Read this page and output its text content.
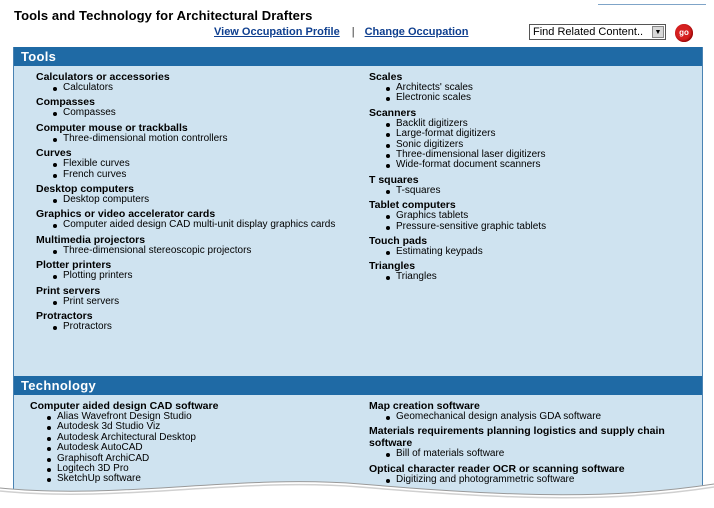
Tools and Technology for Architectural Drafters
View Occupation Profile | Change Occupation	Find Related Content..	▼	go
Tools
Calculators or accessories
Calculators
Compasses
Compasses
Computer mouse or trackballs
Three-dimensional motion controllers
Curves
Flexible curves
French curves
Desktop computers
Desktop computers
Graphics or video accelerator cards
Computer aided design CAD multi-unit display graphics cards
Multimedia projectors
Three-dimensional stereoscopic projectors
Plotter printers
Plotting printers
Print servers
Print servers
Protractors
Protractors
Scales
Architects' scales
Electronic scales
Scanners
Backlit digitizers
Large-format digitizers
Sonic digitizers
Three-dimensional laser digitizers
Wide-format document scanners
T squares
T-squares
Tablet computers
Graphics tablets
Pressure-sensitive graphic tablets
Touch pads
Estimating keypads
Triangles
Triangles
Technology
Computer aided design CAD software
Alias Wavefront Design Studio
Autodesk 3d Studio Viz
Autodesk Architectural Desktop
Autodesk AutoCAD
Graphisoft ArchiCAD
Logitech 3D Pro
SketchUp software
Map creation software
Geomechanical design analysis GDA software
Materials requirements planning logistics and supply chain software
Bill of materials software
Optical character reader OCR or scanning software
Digitizing and photogrammetric software
